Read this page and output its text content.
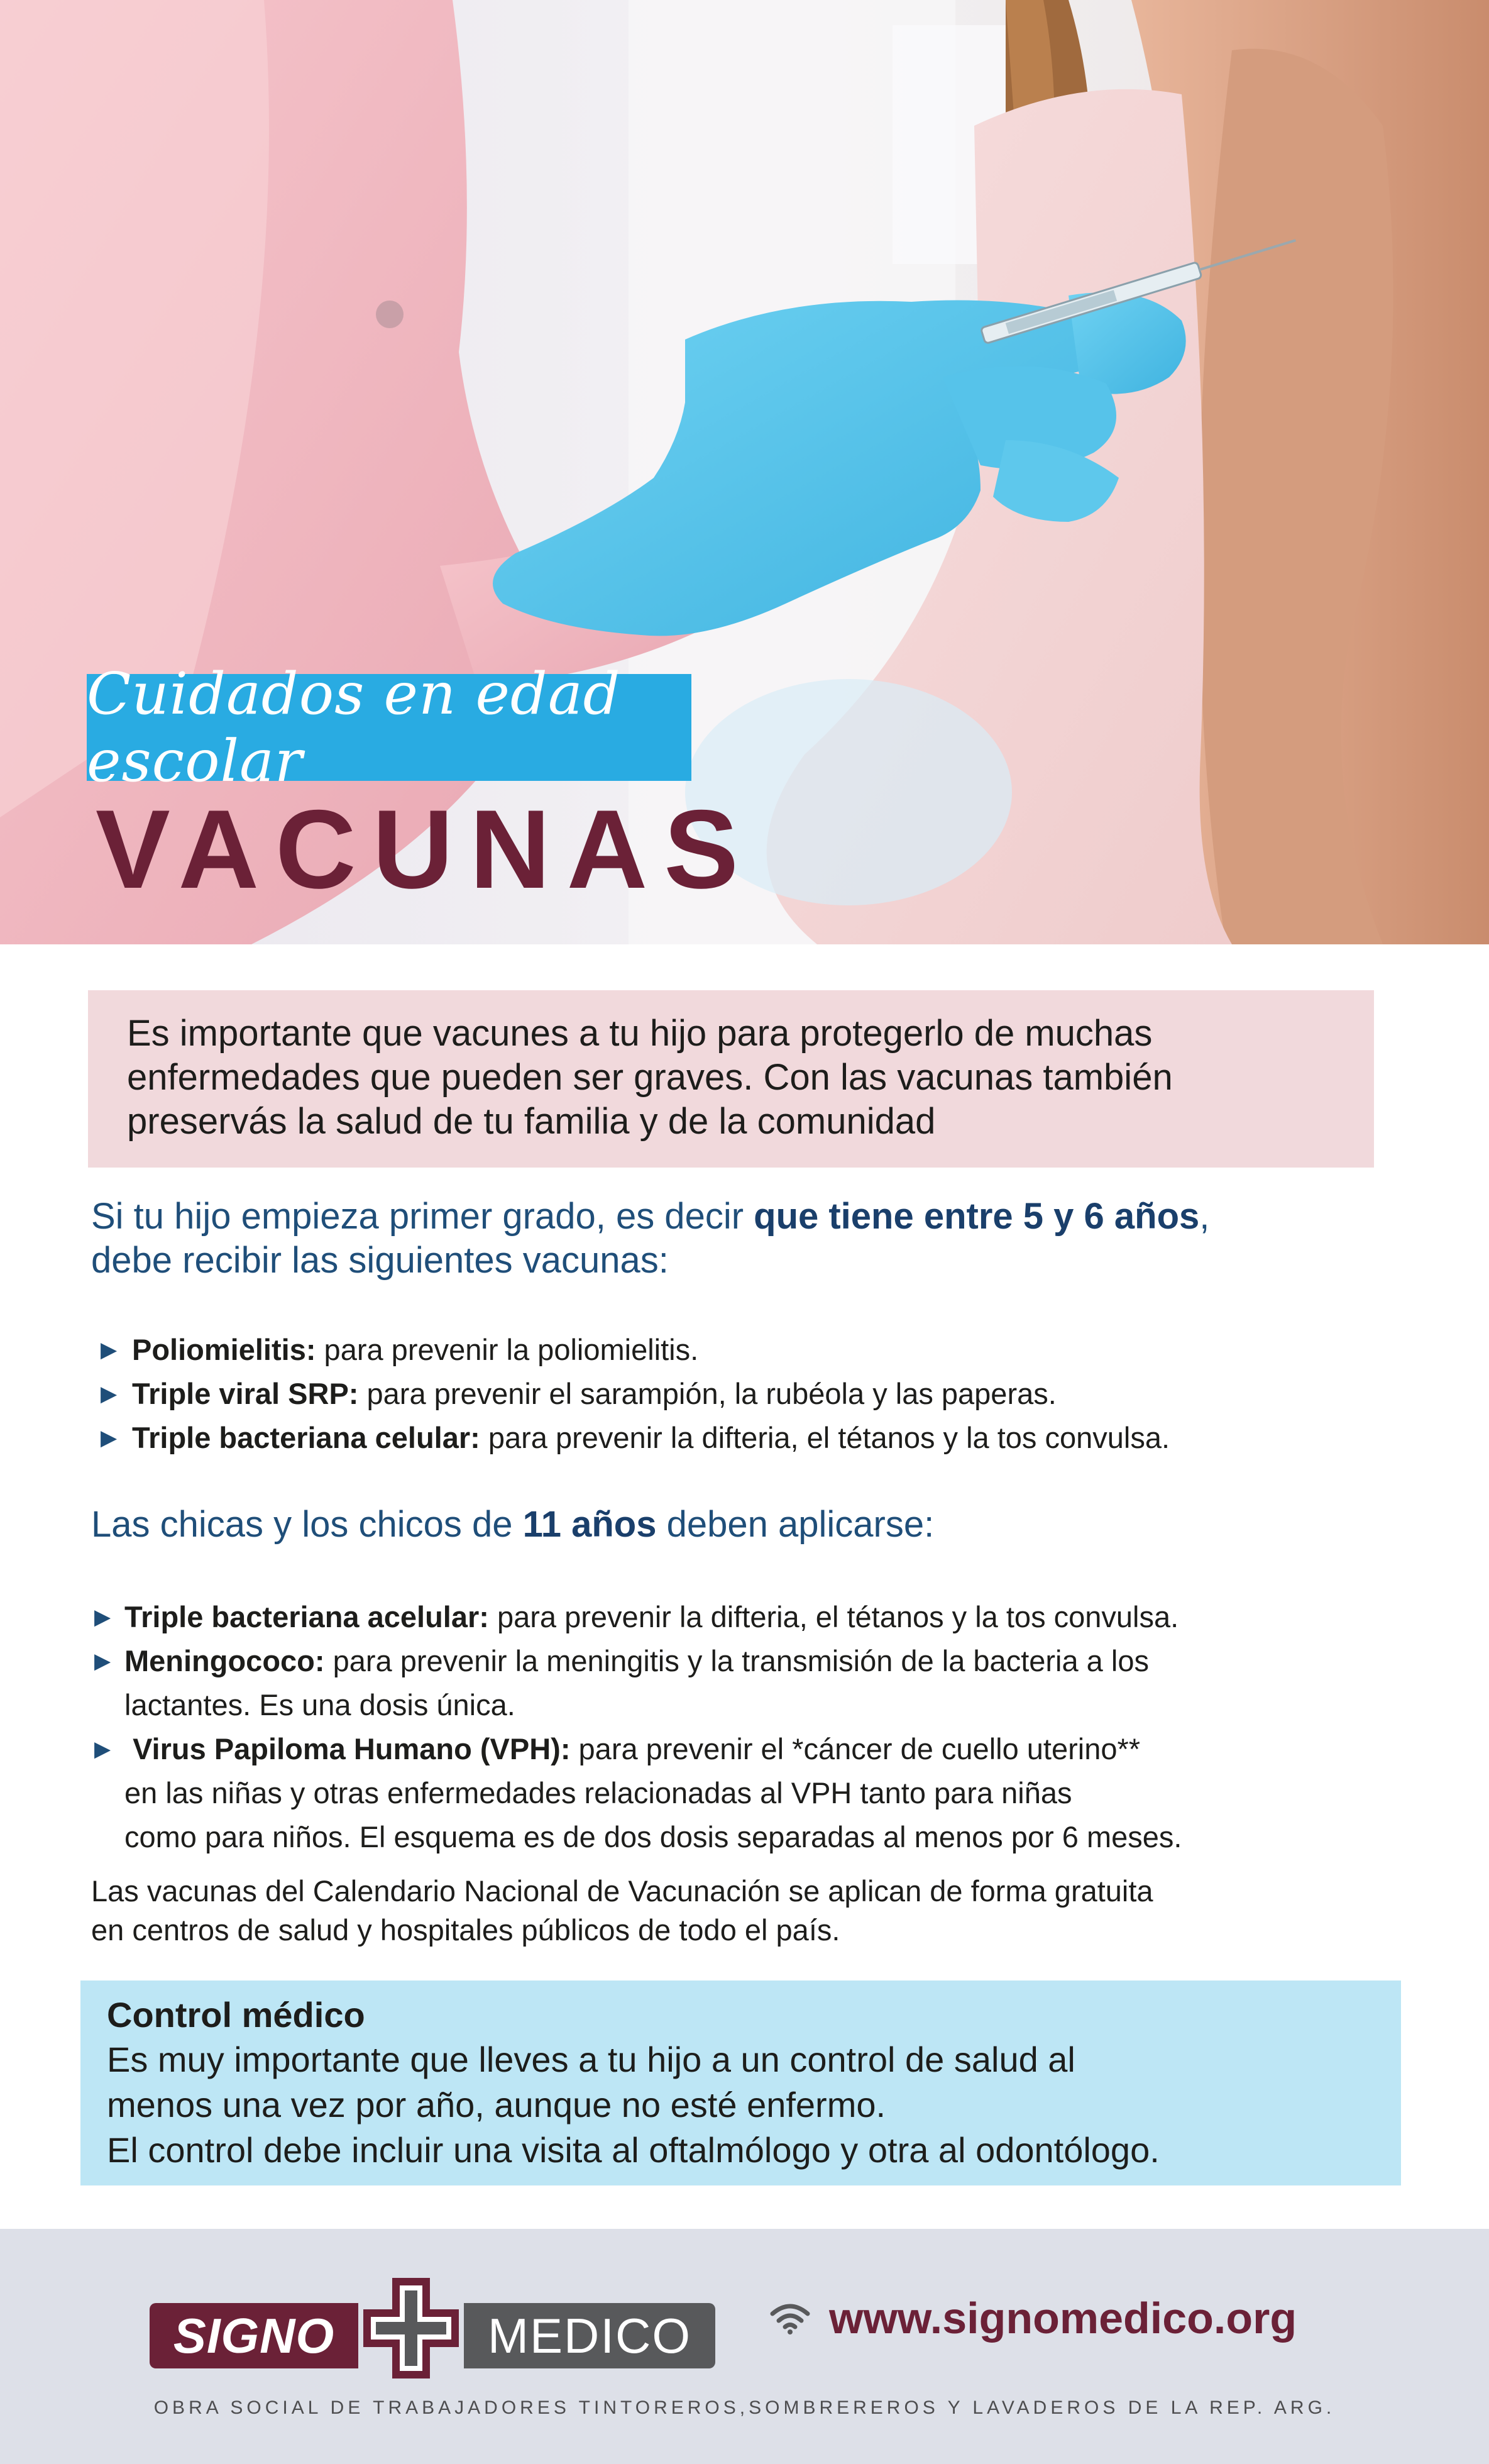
Cuidados en edad escolar
VACUNAS

Es importante que vacunes a tu hijo para protegerlo de muchas

enfermedades que pueden ser graves. Con las vacunas también

preservás la salud de tu familia y de la comunidad

Si tu hijo empieza primer grado, es decir que tiene entre 5 y 6 años,
debe recibir las siguientes vacunas:
▶ Poliomielitis: para prevenir la poliomielitis.
▶ Triple viral SRP: para prevenir el sarampión, la rubéola y las paperas.
▶ Triple bacteriana celular: para prevenir la difteria, el tétanos y la tos convulsa.
Las chicas y los chicos de 11 años deben aplicarse:
▶ Triple bacteriana acelular: para prevenir la difteria, el tétanos y la tos convulsa.
▶ Meningococo: para prevenir la meningitis y la transmisión de la bacteria a los
lactantes. Es una dosis única.
▶ Virus Papiloma Humano (VPH): para prevenir el *cáncer de cuello uterino**
en las niñas y otras enfermedades relacionadas al VPH tanto para niñas
como para niños. El esquema es de dos dosis separadas al menos por 6 meses.
Las vacunas del Calendario Nacional de Vacunación se aplican de forma gratuita
en centros de salud y hospitales públicos de todo el país.
Control médico
Es muy importante que lleves a tu hijo a un control de salud al
menos una vez por año, aunque no esté enfermo.
El control debe incluir una visita al oftalmólogo y otra al odontólogo.
SIGNO	MEDICO	www.signomedico.org
OBRA SOCIAL DE TRABAJADORES TINTOREROS,SOMBREREROS Y LAVADEROS DE LA REP. ARG.
